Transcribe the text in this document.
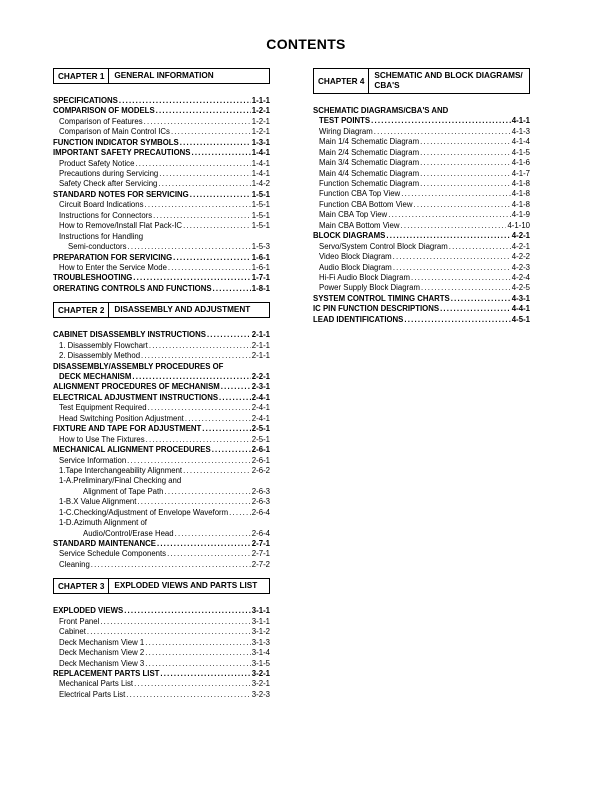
CONTENTS
CHAPTER 1	GENERAL INFORMATION
SPECIFICATIONS .....	1-1-1
COMPARISON OF MODELS .....	1-2-1
Comparison of Features .....	1-2-1
Comparison of Main Control ICs .....	1-2-1
FUNCTION INDICATOR SYMBOLS .....	1-3-1
IMPORTANT SAFETY PRECAUTIONS .....	1-4-1
Product Safety Notice .....	1-4-1
Precautions during Servicing .....	1-4-1
Safety Check after Servicing .....	1-4-2
STANDARD NOTES FOR SERVICING .....	1-5-1
Circuit Board Indications .....	1-5-1
Instructions for Connectors .....	1-5-1
How to Remove/Install Flat Pack-IC .....	1-5-1
Instructions for Handling
Semi-conductors .....	1-5-3
PREPARATION FOR SERVICING .....	1-6-1
How to Enter the Service Mode .....	1-6-1
TROUBLESHOOTING .....	1-7-1
ORERATING CONTROLS AND FUNCTIONS .....	1-8-1
CHAPTER 2	DISASSEMBLY AND ADJUSTMENT
CABINET DISASSEMBLY INSTRUCTIONS .....	2-1-1
1. Disassembly Flowchart .....	2-1-1
2. Disassembly Method .....	2-1-1
DISASSEMBLY/ASSEMBLY PROCEDURES OF
DECK MECHANISM .....	2-2-1
ALIGNMENT PROCEDURES OF MECHANISM .....	2-3-1
ELECTRICAL ADJUSTMENT INSTRUCTIONS .....	2-4-1
Test Equipment Required .....	2-4-1
Head Switching Position Adjustment .....	2-4-1
FIXTURE AND TAPE FOR ADJUSTMENT .....	2-5-1
How to Use The Fixtures .....	2-5-1
MECHANICAL ALIGNMENT PROCEDURES .....	2-6-1
Service Information .....	2-6-1
1.Tape Interchangeability Alignment .....	2-6-2
1-A.Preliminary/Final Checking and
Alignment of Tape Path .....	2-6-3
1-B.X Value Alignment .....	2-6-3
1-C.Checking/Adjustment of Envelope Waveform .....	2-6-4
1-D.Azimuth Alignment of
Audio/Control/Erase Head .....	2-6-4
STANDARD MAINTENANCE .....	2-7-1
Service Schedule Components .....	2-7-1
Cleaning .....	2-7-2
CHAPTER 3	EXPLODED VIEWS AND PARTS LIST
EXPLODED VIEWS .....	3-1-1
Front Panel .....	3-1-1
Cabinet .....	3-1-2
Deck Mechanism View 1 .....	3-1-3
Deck Mechanism View 2 .....	3-1-4
Deck Mechanism View 3 .....	3-1-5
REPLACEMENT PARTS LIST .....	3-2-1
Mechanical Parts List .....	3-2-1
Electrical Parts List .....	3-2-3
CHAPTER 4
SCHEMATIC AND BLOCK DIAGRAMS/ CBA'S
SCHEMATIC DIAGRAMS/CBA'S AND
TEST POINTS .....	4-1-1
Wiring Diagram .....	4-1-3
Main 1/4 Schematic Diagram .....	4-1-4
Main 2/4 Schematic Diagram .....	4-1-5
Main 3/4 Schematic Diagram .....	4-1-6
Main 4/4 Schematic Diagram .....	4-1-7
Function Schematic Diagram .....	4-1-8
Function CBA Top View .....	4-1-8
Function CBA Bottom View .....	4-1-8
Main CBA Top View .....	4-1-9
Main CBA Bottom View .....	4-1-10
BLOCK DIAGRAMS .....	4-2-1
Servo/System Control Block Diagram .....	4-2-1
Video Block Diagram .....	4-2-2
Audio Block Diagram .....	4-2-3
Hi-Fi Audio Block Diagram .....	4-2-4
Power Supply Block Diagram .....	4-2-5
SYSTEM CONTROL TIMING CHARTS .....	4-3-1
IC PIN FUNCTION DESCRIPTIONS .....	4-4-1
LEAD IDENTIFICATIONS .....	4-5-1
